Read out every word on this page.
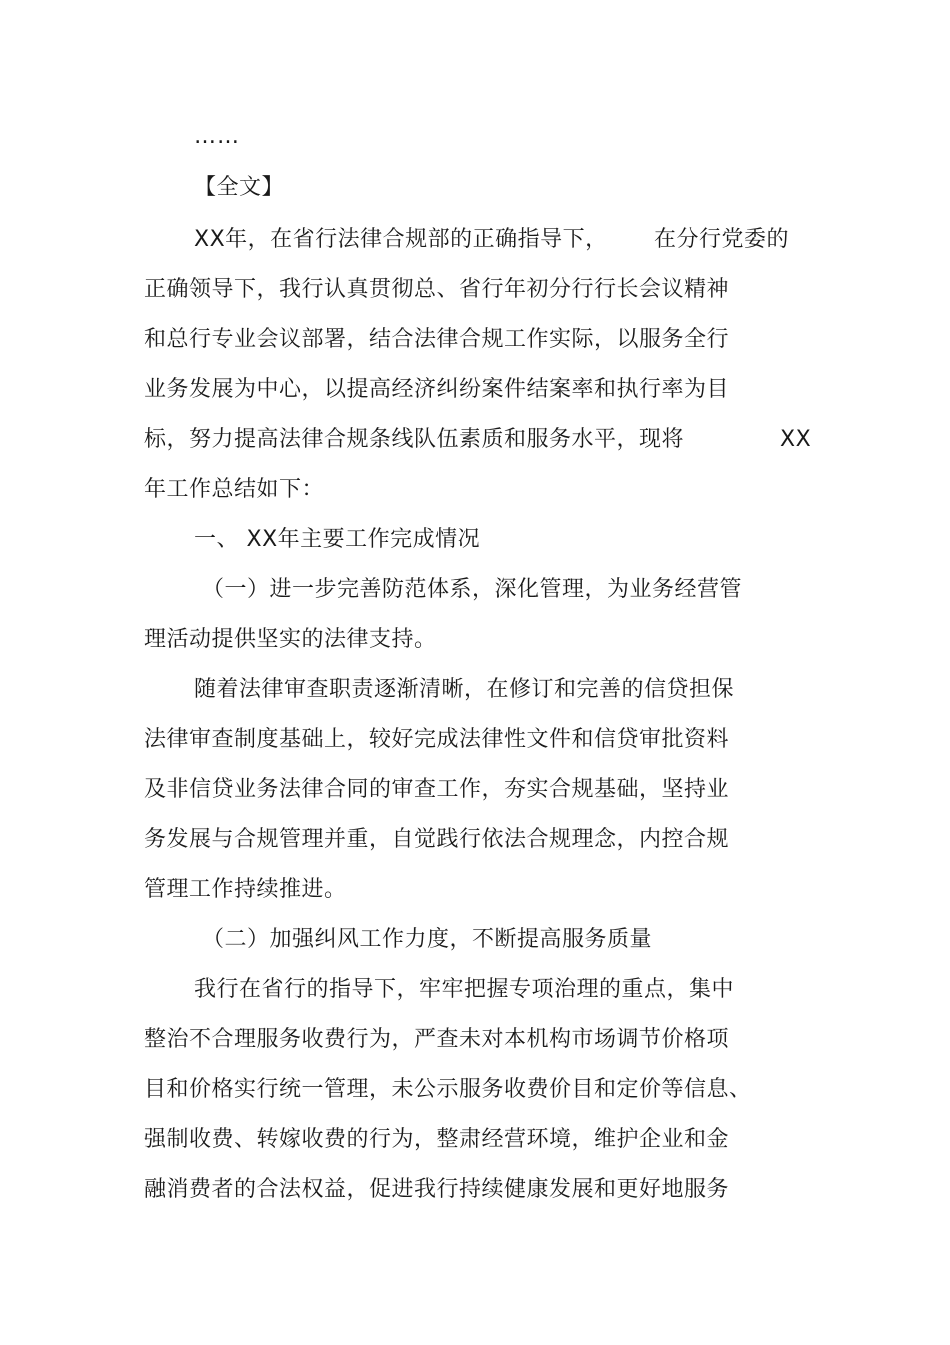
……
【全文】
XX年，在省行法律合规部的正确指导下， 在分行党委的
正确领导下，我行认真贯彻总、省行年初分行行长会议精神
和总行专业会议部署，结合法律合规工作实际，以服务全行
业务发展为中心，以提高经济纠纷案件结案率和执行率为目
标，努力提高法律合规条线队伍素质和服务水平，现将	XX
年工作总结如下：
一、 XX年主要工作完成情况
（一）进一步完善防范体系，深化管理，为业务经营管
理活动提供坚实的法律支持。
随着法律审查职责逐渐清晰，在修订和完善的信贷担保
法律审查制度基础上，较好完成法律性文件和信贷审批资料
及非信贷业务法律合同的审查工作，夯实合规基础，坚持业
务发展与合规管理并重，自觉践行依法合规理念，内控合规
管理工作持续推进。
（二）加强纠风工作力度，不断提高服务质量
我行在省行的指导下，牢牢把握专项治理的重点，集中
整治不合理服务收费行为，严查未对本机构市场调节价格项
目和价格实行统一管理，未公示服务收费价目和定价等信息、
强制收费、转嫁收费的行为，整肃经营环境，维护企业和金
融消费者的合法权益，促进我行持续健康发展和更好地服务
